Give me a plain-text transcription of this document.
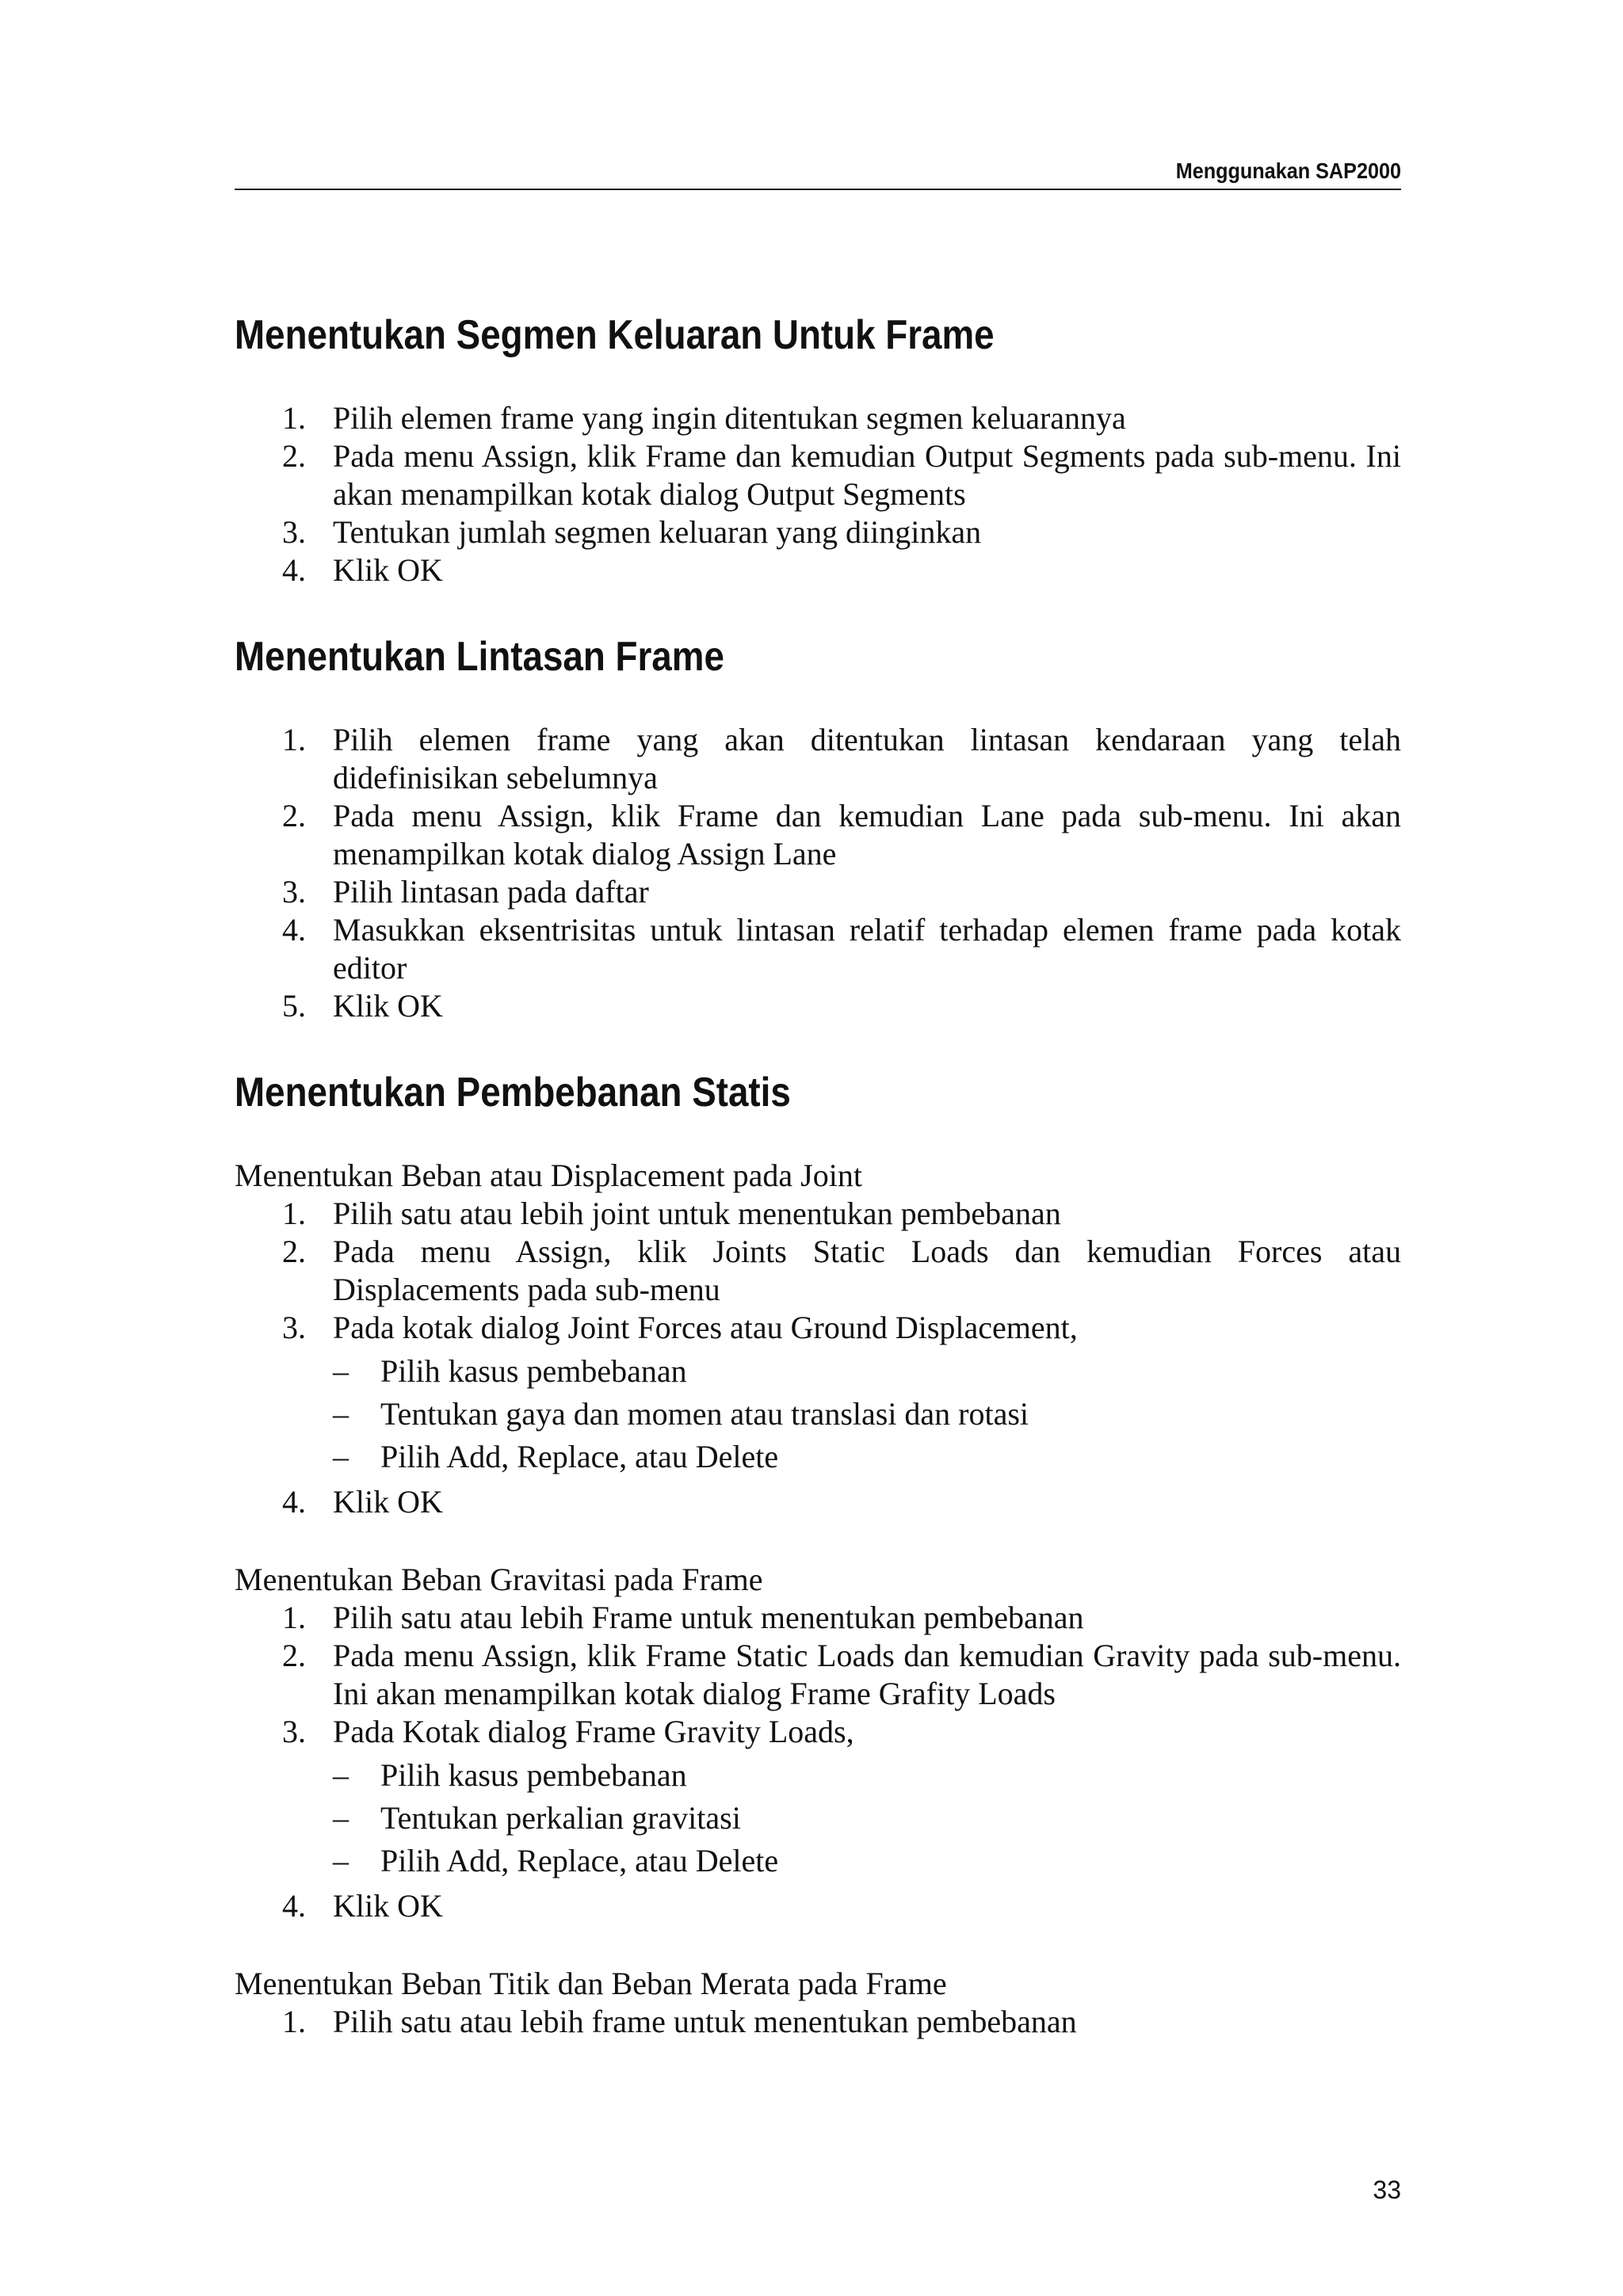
Menggunakan SAP2000
Menentukan Segmen Keluaran Untuk Frame
1. Pilih elemen frame yang ingin ditentukan segmen keluarannya
2. Pada menu Assign, klik Frame dan kemudian Output Segments pada sub-menu. Ini akan menampilkan kotak dialog Output Segments
3. Tentukan jumlah segmen keluaran yang diinginkan
4. Klik OK
Menentukan Lintasan Frame
1. Pilih elemen frame yang akan ditentukan lintasan kendaraan yang telah didefinisikan sebelumnya
2. Pada menu Assign, klik Frame dan kemudian Lane pada sub-menu. Ini akan menampilkan kotak dialog Assign Lane
3. Pilih lintasan pada daftar
4. Masukkan eksentrisitas untuk lintasan relatif terhadap elemen frame pada kotak editor
5. Klik OK
Menentukan Pembebanan Statis

Menentukan Beban atau Displacement pada Joint

1. Pilih satu atau lebih joint untuk menentukan pembebanan
2. Pada menu Assign, klik Joints Static Loads dan kemudian Forces atau Displacements pada sub-menu
3. Pada kotak dialog Joint Forces atau Ground Displacement,
– Pilih kasus pembebanan
– Tentukan gaya dan momen atau translasi dan rotasi
– Pilih Add, Replace, atau Delete
4. Klik OK

Menentukan Beban Gravitasi pada Frame

1. Pilih satu atau lebih Frame untuk menentukan pembebanan
2. Pada menu Assign, klik Frame Static Loads dan kemudian Gravity pada sub-menu. Ini akan menampilkan kotak dialog Frame Grafity Loads
3. Pada Kotak dialog Frame Gravity Loads,
– Pilih kasus pembebanan
– Tentukan perkalian gravitasi
– Pilih Add, Replace, atau Delete
4. Klik OK

Menentukan Beban Titik dan Beban Merata pada Frame

1. Pilih satu atau lebih frame untuk menentukan pembebanan
33
